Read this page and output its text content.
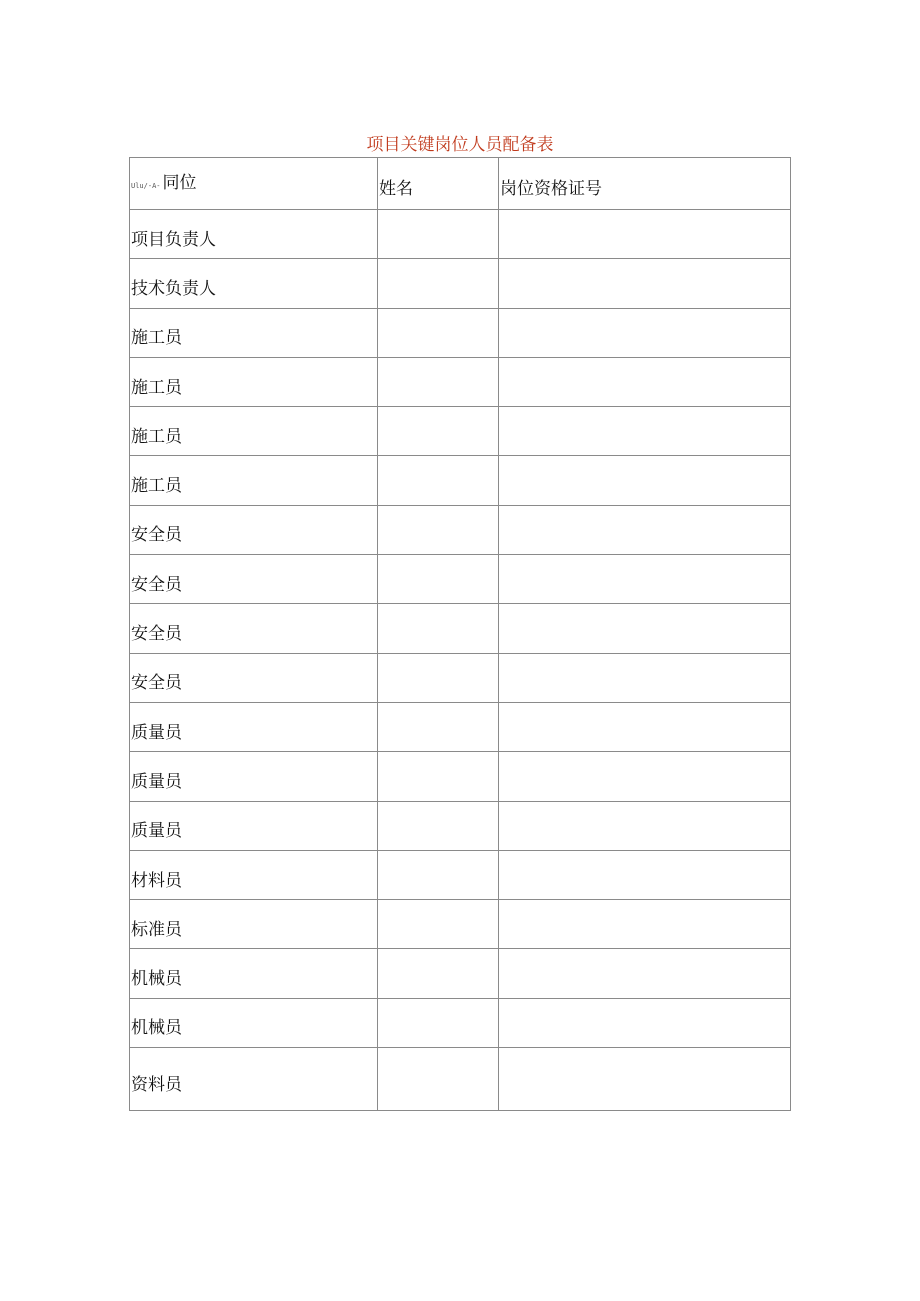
项目关键岗位人员配备表
Ulu/-A- 同位	姓名	岗位资格证号
项目负责人		
技术负责人		
施工员		
施工员		
施工员		
施工员		
安全员		
安全员		
安全员		
安全员		
质量员		
质量员		
质量员		
材料员		
标准员		
机械员		
机械员		
资料员		
